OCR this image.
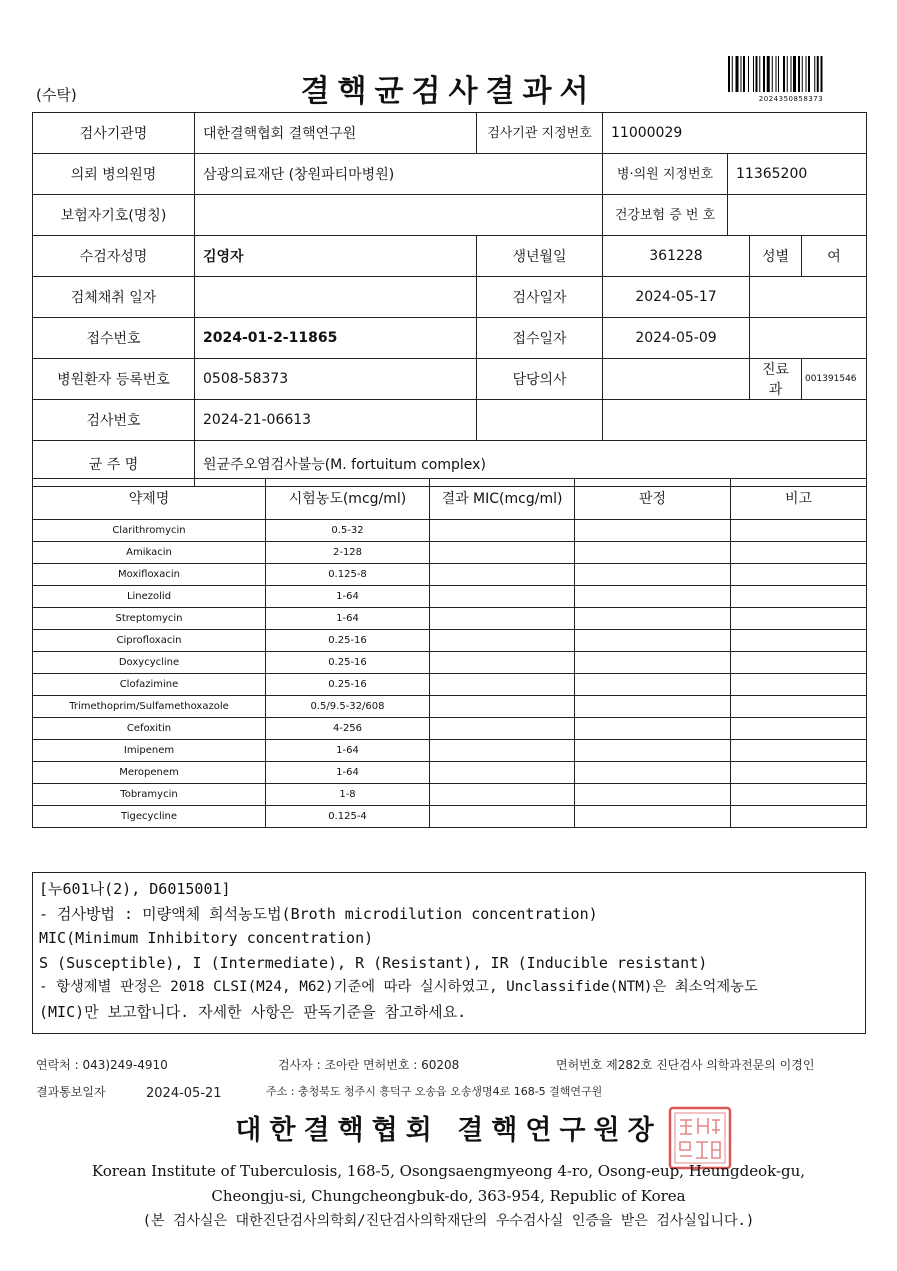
(수탁)	결핵균검사결과서	2024350858373
검사기관명	대한결핵협회 결핵연구원	검사기관 지정번호	11000029			
의뢰 병의원명	삼광의료재단 (창원파티마병원)		병·의원 지정번호	11365200		
보험자기호(명칭)			건강보험 증 번 호			
수검자성명	김영자	생년월일	361228		성별	여
검체채취 일자		검사일자	2024-05-17			
접수번호	2024-01-2-11865	접수일자	2024-05-09			
병원환자 등록번호	0508-58373	담당의사			진료과	001391546
검사번호	2024-21-06613					
균 주 명	원균주오염검사불능(M. fortuitum complex)					
약제명	시험농도(mcg/ml)	결과 MIC(mcg/ml)	판정	비고
Clarithromycin	0.5-32			
Amikacin	2-128			
Moxifloxacin	0.125-8			
Linezolid	1-64			
Streptomycin	1-64			
Ciprofloxacin	0.25-16			
Doxycycline	0.25-16			
Clofazimine	0.25-16			
Trimethoprim/Sulfamethoxazole	0.5/9.5-32/608			
Cefoxitin	4-256			
Imipenem	1-64			
Meropenem	1-64			
Tobramycin	1-8			
Tigecycline	0.125-4			
[누601나(2), D6015001]
- 검사방법 : 미량액체 희석농도법(Broth microdilution concentration)
MIC(Minimum Inhibitory concentration)
S (Susceptible), I (Intermediate), R (Resistant), IR (Inducible resistant)
- 항생제별 판정은 2018 CLSI(M24, M62)기준에 따라 실시하였고, Unclassifide(NTM)은 최소억제농도
(MIC)만 보고합니다. 자세한 사항은 판독기준을 참고하세요.
연락처 : 043)249-4910	검사자 : 조아란 면허번호 : 60208	면허번호 제282호 진단검사 의학과전문의 이경인
결과통보일자	2024-05-21	주소 : 충청북도 청주시 흥덕구 오송읍 오송생명4로 168-5 결핵연구원
대한결핵협회 결핵연구원장
Korean Institute of Tuberculosis, 168-5, Osongsaengmyeong 4-ro, Osong-eup, Heungdeok-gu,
Cheongju-si, Chungcheongbuk-do, 363-954, Republic of Korea
(본 검사실은 대한진단검사의학회/진단검사의학재단의 우수검사실 인증을 받은 검사실입니다.)
